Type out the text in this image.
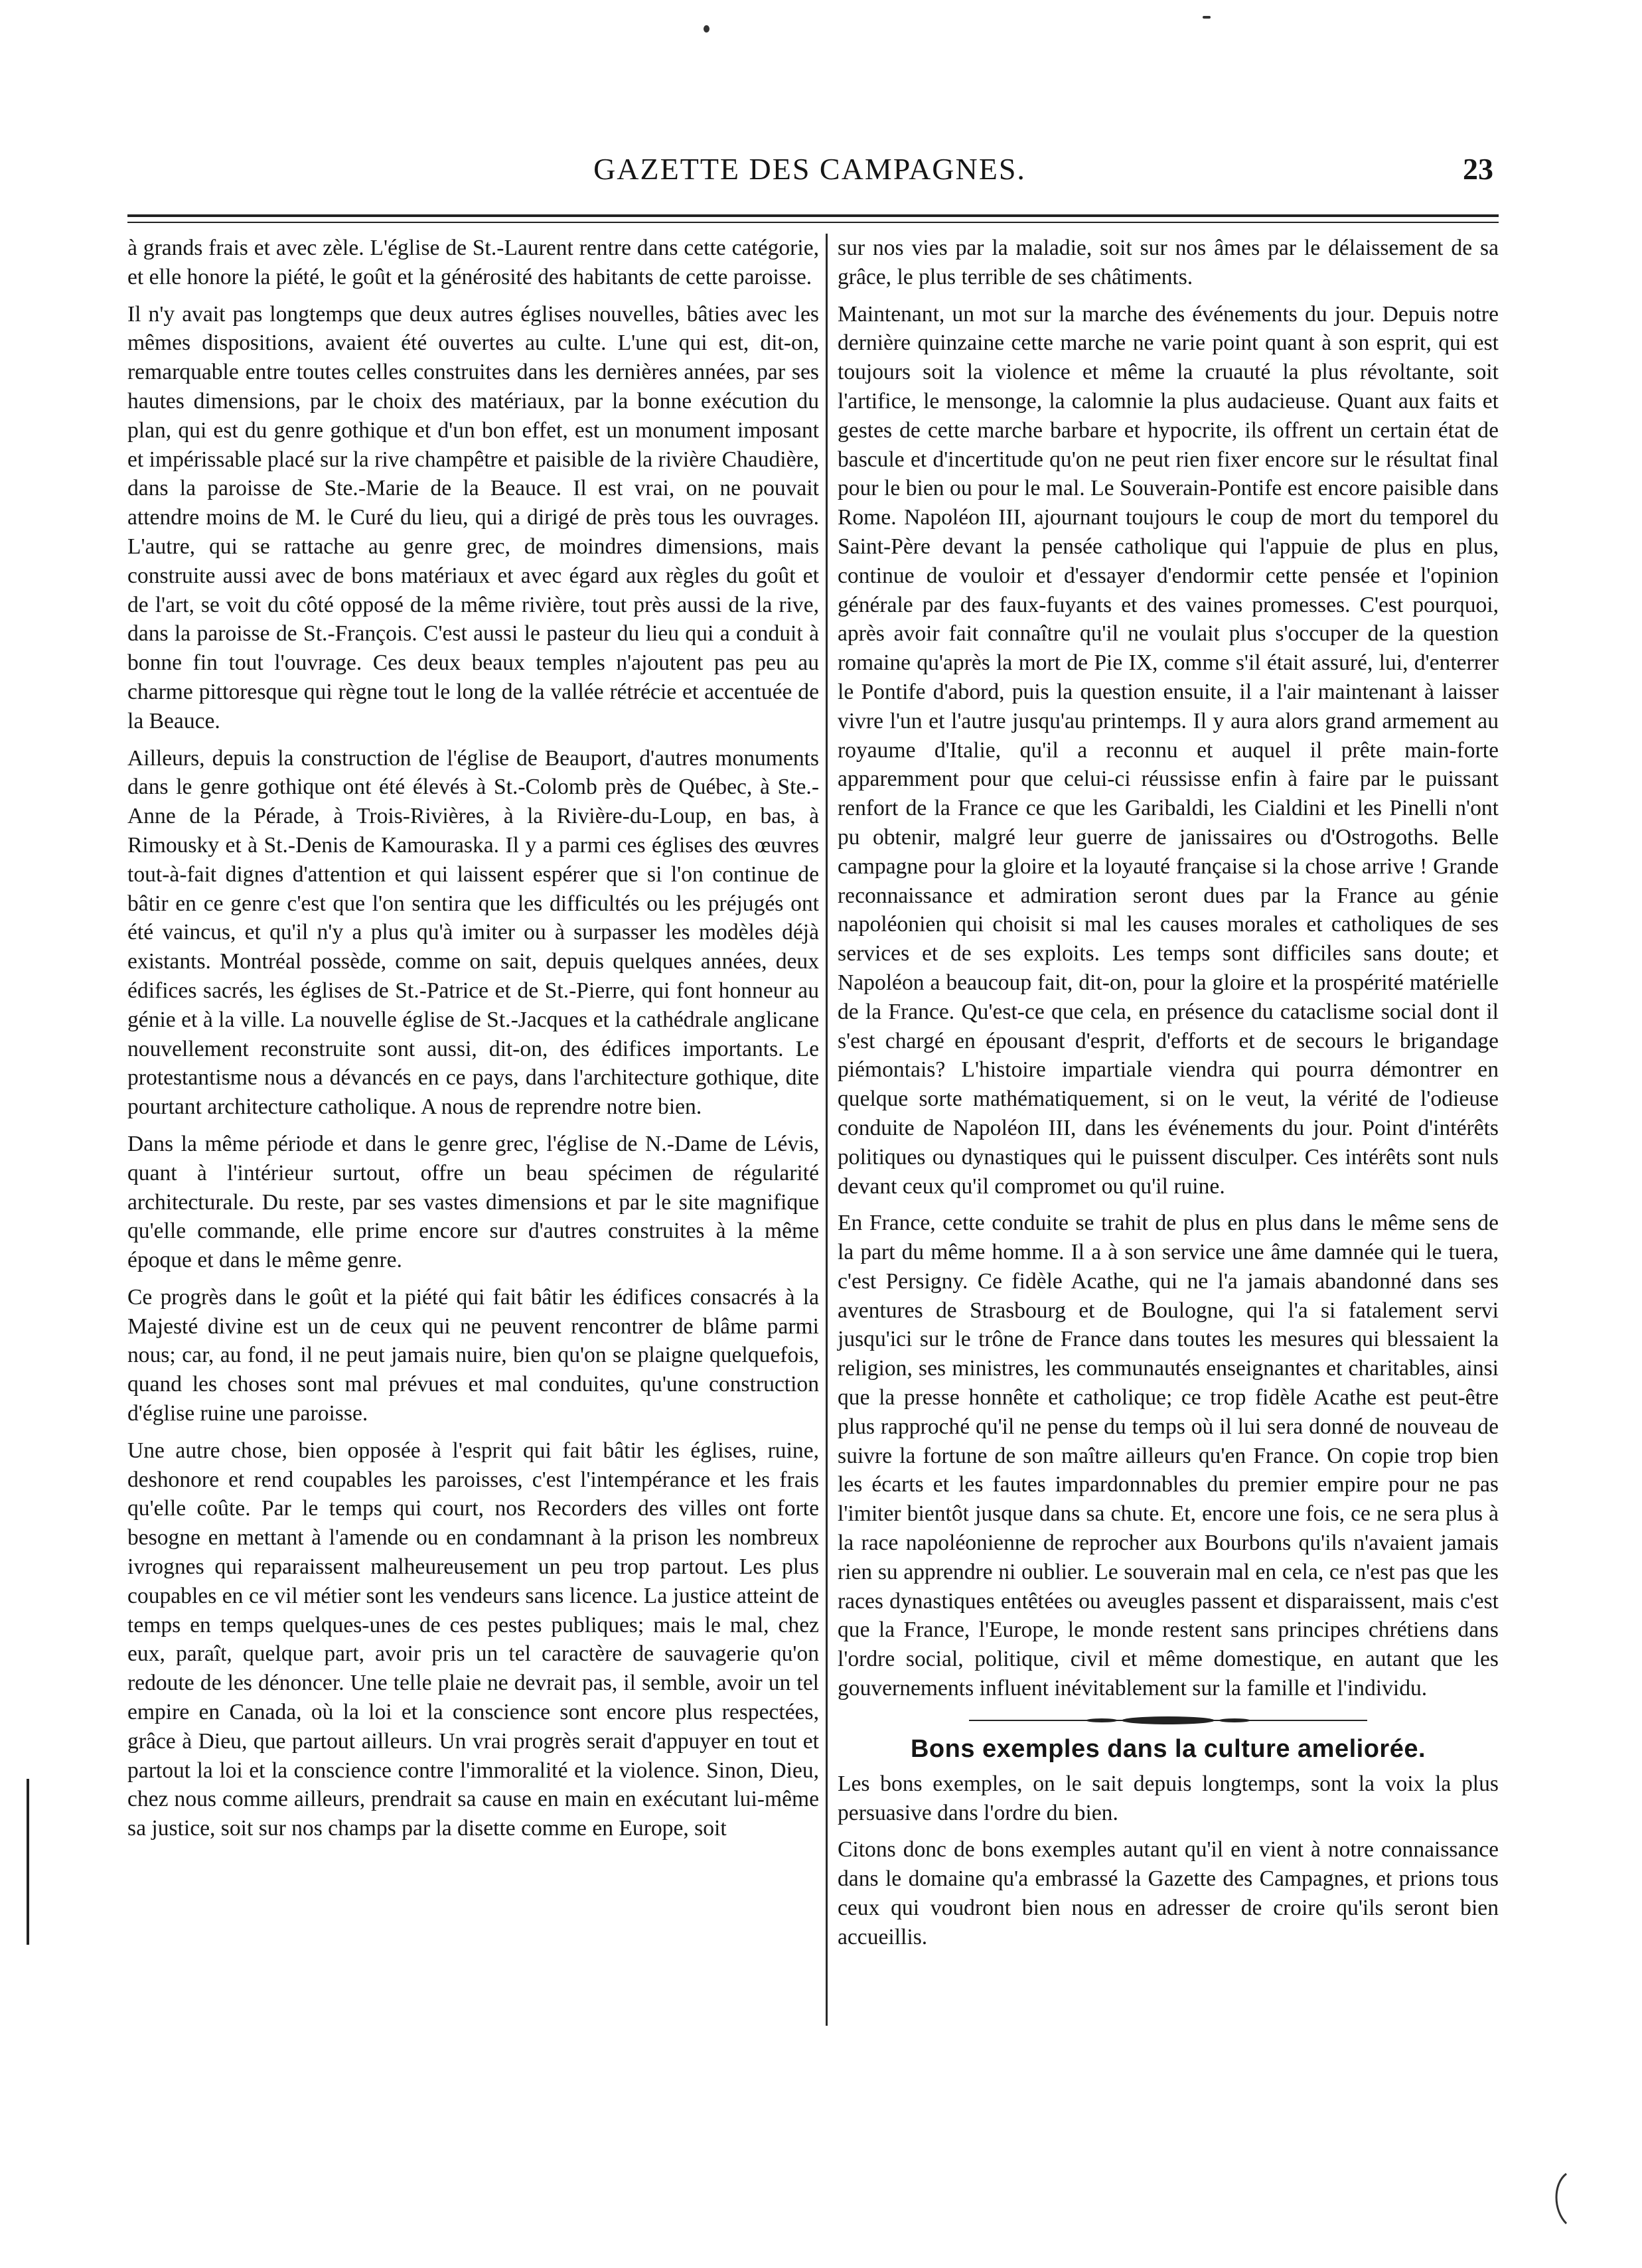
GAZETTE DES CAMPAGNES.	23

à grands frais et avec zèle. L'église de St.-Laurent rentre dans cette catégorie, et elle honore la piété, le goût et la générosité des habitants de cette paroisse.

Il n'y avait pas longtemps que deux autres églises nouvelles, bâties avec les mêmes dispositions, avaient été ouvertes au culte. L'une qui est, dit-on, remarquable entre toutes celles construites dans les dernières années, par ses hautes dimensions, par le choix des matériaux, par la bonne exécution du plan, qui est du genre gothique et d'un bon effet, est un monument imposant et impérissable placé sur la rive champêtre et paisible de la rivière Chaudière, dans la paroisse de Ste.-Marie de la Beauce. Il est vrai, on ne pouvait attendre moins de M. le Curé du lieu, qui a dirigé de près tous les ouvrages. L'autre, qui se rattache au genre grec, de moindres dimensions, mais construite aussi avec de bons matériaux et avec égard aux règles du goût et de l'art, se voit du côté opposé de la même rivière, tout près aussi de la rive, dans la paroisse de St.-François. C'est aussi le pasteur du lieu qui a conduit à bonne fin tout l'ouvrage. Ces deux beaux temples n'ajoutent pas peu au charme pittoresque qui règne tout le long de la vallée rétrécie et accentuée de la Beauce.

Ailleurs, depuis la construction de l'église de Beauport, d'autres monuments dans le genre gothique ont été élevés à St.-Colomb près de Québec, à Ste.-Anne de la Pérade, à Trois-Rivières, à la Rivière-du-Loup, en bas, à Rimousky et à St.-Denis de Kamouraska. Il y a parmi ces églises des œuvres tout-à-fait dignes d'attention et qui laissent espérer que si l'on continue de bâtir en ce genre c'est que l'on sentira que les difficultés ou les préjugés ont été vaincus, et qu'il n'y a plus qu'à imiter ou à surpasser les modèles déjà existants. Montréal possède, comme on sait, depuis quelques années, deux édifices sacrés, les églises de St.-Patrice et de St.-Pierre, qui font honneur au génie et à la ville. La nouvelle église de St.-Jacques et la cathédrale anglicane nouvellement reconstruite sont aussi, dit-on, des édifices importants. Le protestantisme nous a dévancés en ce pays, dans l'architecture gothique, dite pourtant architecture catholique. A nous de reprendre notre bien.

Dans la même période et dans le genre grec, l'église de N.-Dame de Lévis, quant à l'intérieur surtout, offre un beau spécimen de régularité architecturale. Du reste, par ses vastes dimensions et par le site magnifique qu'elle commande, elle prime encore sur d'autres construites à la même époque et dans le même genre.

Ce progrès dans le goût et la piété qui fait bâtir les édifices consacrés à la Majesté divine est un de ceux qui ne peuvent rencontrer de blâme parmi nous; car, au fond, il ne peut jamais nuire, bien qu'on se plaigne quelquefois, quand les choses sont mal prévues et mal conduites, qu'une construction d'église ruine une paroisse.

Une autre chose, bien opposée à l'esprit qui fait bâtir les églises, ruine, deshonore et rend coupables les paroisses, c'est l'intempérance et les frais qu'elle coûte. Par le temps qui court, nos Recorders des villes ont forte besogne en mettant à l'amende ou en condamnant à la prison les nombreux ivrognes qui reparaissent malheureusement un peu trop partout. Les plus coupables en ce vil métier sont les vendeurs sans licence. La justice atteint de temps en temps quelques-unes de ces pestes publiques; mais le mal, chez eux, paraît, quelque part, avoir pris un tel caractère de sauvagerie qu'on redoute de les dénoncer. Une telle plaie ne devrait pas, il semble, avoir un tel empire en Canada, où la loi et la conscience sont encore plus respectées, grâce à Dieu, que partout ailleurs. Un vrai progrès serait d'appuyer en tout et partout la loi et la conscience contre l'immoralité et la violence. Sinon, Dieu, chez nous comme ailleurs, prendrait sa cause en main en exécutant lui-même sa justice, soit sur nos champs par la disette comme en Europe, soit

sur nos vies par la maladie, soit sur nos âmes par le délaissement de sa grâce, le plus terrible de ses châtiments.

Maintenant, un mot sur la marche des événements du jour. Depuis notre dernière quinzaine cette marche ne varie point quant à son esprit, qui est toujours soit la violence et même la cruauté la plus révoltante, soit l'artifice, le mensonge, la calomnie la plus audacieuse. Quant aux faits et gestes de cette marche barbare et hypocrite, ils offrent un certain état de bascule et d'incertitude qu'on ne peut rien fixer encore sur le résultat final pour le bien ou pour le mal. Le Souverain-Pontife est encore paisible dans Rome. Napoléon III, ajournant toujours le coup de mort du temporel du Saint-Père devant la pensée catholique qui l'appuie de plus en plus, continue de vouloir et d'essayer d'endormir cette pensée et l'opinion générale par des faux-fuyants et des vaines promesses. C'est pourquoi, après avoir fait connaître qu'il ne voulait plus s'occuper de la question romaine qu'après la mort de Pie IX, comme s'il était assuré, lui, d'enterrer le Pontife d'abord, puis la question ensuite, il a l'air maintenant à laisser vivre l'un et l'autre jusqu'au printemps. Il y aura alors grand armement au royaume d'Italie, qu'il a reconnu et auquel il prête main-forte apparemment pour que celui-ci réussisse enfin à faire par le puissant renfort de la France ce que les Garibaldi, les Cialdini et les Pinelli n'ont pu obtenir, malgré leur guerre de janissaires ou d'Ostrogoths. Belle campagne pour la gloire et la loyauté française si la chose arrive ! Grande reconnaissance et admiration seront dues par la France au génie napoléonien qui choisit si mal les causes morales et catholiques de ses services et de ses exploits. Les temps sont difficiles sans doute; et Napoléon a beaucoup fait, dit-on, pour la gloire et la prospérité matérielle de la France. Qu'est-ce que cela, en présence du cataclisme social dont il s'est chargé en épousant d'esprit, d'efforts et de secours le brigandage piémontais? L'histoire impartiale viendra qui pourra démontrer en quelque sorte mathématiquement, si on le veut, la vérité de l'odieuse conduite de Napoléon III, dans les événements du jour. Point d'intérêts politiques ou dynastiques qui le puissent disculper. Ces intérêts sont nuls devant ceux qu'il compromet ou qu'il ruine.

En France, cette conduite se trahit de plus en plus dans le même sens de la part du même homme. Il a à son service une âme damnée qui le tuera, c'est Persigny. Ce fidèle Acathe, qui ne l'a jamais abandonné dans ses aventures de Strasbourg et de Boulogne, qui l'a si fatalement servi jusqu'ici sur le trône de France dans toutes les mesures qui blessaient la religion, ses ministres, les communautés enseignantes et charitables, ainsi que la presse honnête et catholique; ce trop fidèle Acathe est peut-être plus rapproché qu'il ne pense du temps où il lui sera donné de nouveau de suivre la fortune de son maître ailleurs qu'en France. On copie trop bien les écarts et les fautes impardonnables du premier empire pour ne pas l'imiter bientôt jusque dans sa chute. Et, encore une fois, ce ne sera plus à la race napoléonienne de reprocher aux Bourbons qu'ils n'avaient jamais rien su apprendre ni oublier. Le souverain mal en cela, ce n'est pas que les races dynastiques entêtées ou aveugles passent et disparaissent, mais c'est que la France, l'Europe, le monde restent sans principes chrétiens dans l'ordre social, politique, civil et même domestique, en autant que les gouvernements influent inévitablement sur la famille et l'individu.

Bons exemples dans la culture ameliorée.

Les bons exemples, on le sait depuis longtemps, sont la voix la plus persuasive dans l'ordre du bien.

Citons donc de bons exemples autant qu'il en vient à notre connaissance dans le domaine qu'a embrassé la Gazette des Campagnes, et prions tous ceux qui voudront bien nous en adresser de croire qu'ils seront bien accueillis.
